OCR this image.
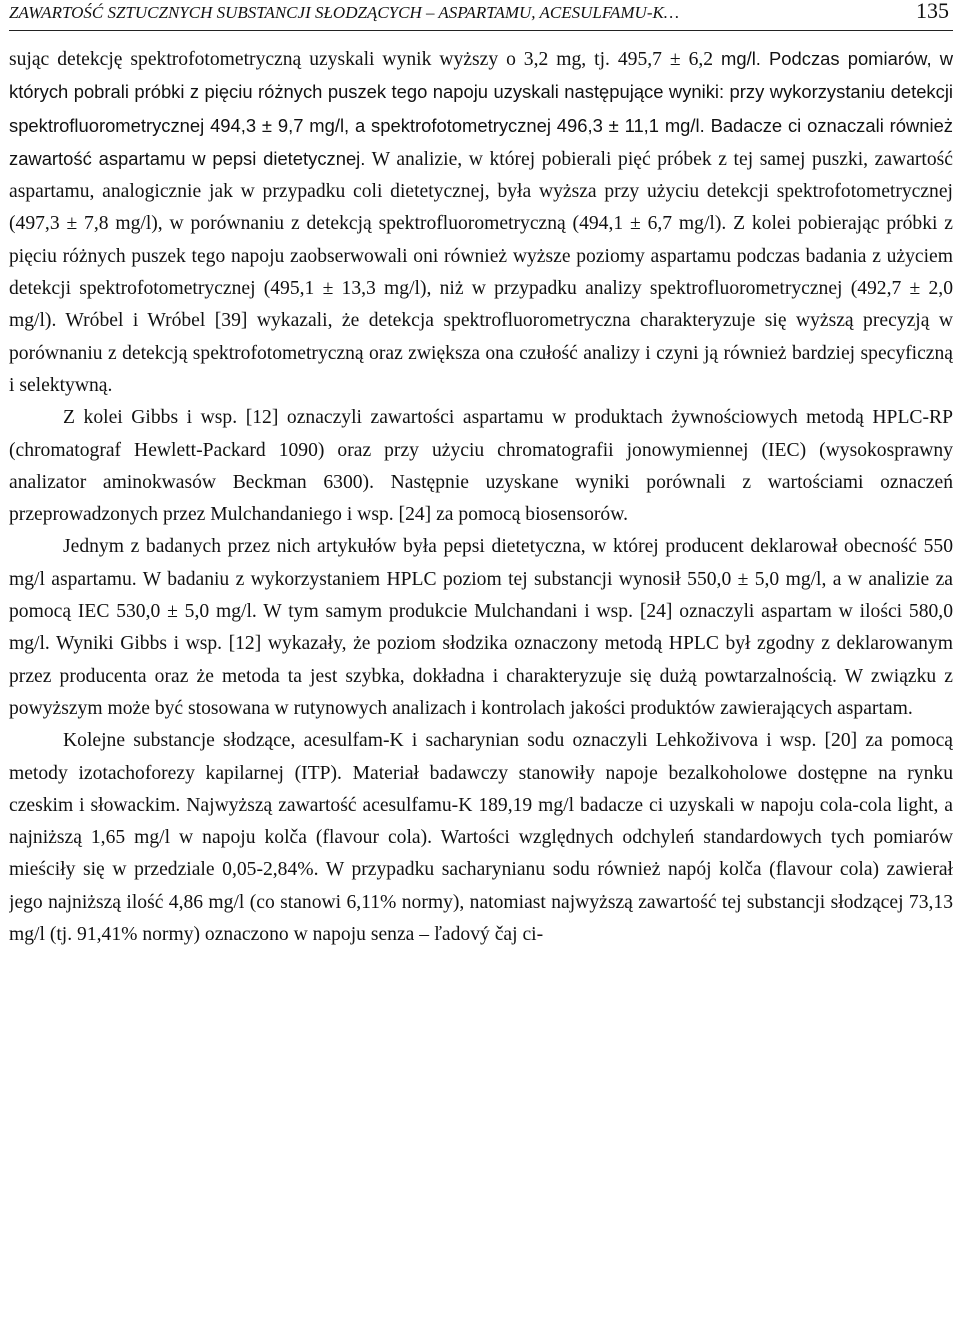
ZAWARTOŚĆ SZTUCZNYCH SUBSTANCJI SŁODZĄCYCH – ASPARTAMU, ACESULFAMU-K…	135

sując detekcję spektrofotometryczną uzyskali wynik wyższy o 3,2 mg, tj. 495,7 ± 6,2 mg/l. Podczas pomiarów, w których pobrali próbki z pięciu różnych puszek tego napoju uzyskali następujące wyniki: przy wykorzystaniu detekcji spektrofluorometrycznej 494,3 ± 9,7 mg/l, a spektrofotometrycznej 496,3 ± 11,1 mg/l. Badacze ci oznaczali również zawartość aspartamu w pepsi dietetycznej. W analizie, w której pobierali pięć próbek z tej samej puszki, zawartość aspartamu, analogicznie jak w przypadku coli dietetycznej, była wyższa przy użyciu detekcji spektrofotometrycznej (497,3 ± 7,8 mg/l), w porównaniu z detekcją spektrofluorometryczną (494,1 ± 6,7 mg/l). Z kolei pobierając próbki z pięciu różnych puszek tego napoju zaobserwowali oni również wyższe poziomy aspartamu podczas badania z użyciem detekcji spektrofotometrycznej (495,1 ± 13,3 mg/l), niż w przypadku analizy spektrofluorometrycznej (492,7 ± 2,0 mg/l). Wróbel i Wróbel [39] wykazali, że detekcja spektrofluorometryczna charakteryzuje się wyższą precyzją w porównaniu z detekcją spektrofotometryczną oraz zwiększa ona czułość analizy i czyni ją również bardziej specyficzną i selektywną.

Z kolei Gibbs i wsp. [12] oznaczyli zawartości aspartamu w produktach żywnościowych metodą HPLC-RP (chromatograf Hewlett-Packard 1090) oraz przy użyciu chromatografii jonowymiennej (IEC) (wysokosprawny analizator aminokwasów Beckman 6300). Następnie uzyskane wyniki porównali z wartościami oznaczeń przeprowadzonych przez Mulchandaniego i wsp. [24] za pomocą biosensorów.

Jednym z badanych przez nich artykułów była pepsi dietetyczna, w której producent deklarował obecność 550 mg/l aspartamu. W badaniu z wykorzystaniem HPLC poziom tej substancji wynosił 550,0 ± 5,0 mg/l, a w analizie za pomocą IEC 530,0 ± 5,0 mg/l. W tym samym produkcie Mulchandani i wsp. [24] oznaczyli aspartam w ilości 580,0 mg/l. Wyniki Gibbs i wsp. [12] wykazały, że poziom słodzika oznaczony metodą HPLC był zgodny z deklarowanym przez producenta oraz że metoda ta jest szybka, dokładna i charakteryzuje się dużą powtarzalnością. W związku z powyższym może być stosowana w rutynowych analizach i kontrolach jakości produktów zawierających aspartam.

Kolejne substancje słodzące, acesulfam-K i sacharynian sodu oznaczyli Lehkoživova i wsp. [20] za pomocą metody izotachoforezy kapilarnej (ITP). Materiał badawczy stanowiły napoje bezalkoholowe dostępne na rynku czeskim i słowackim. Najwyższą zawartość acesulfamu-K 189,19 mg/l badacze ci uzyskali w napoju cola-cola light, a najniższą 1,65 mg/l w napoju kolča (flavour cola). Wartości względnych odchyleń standardowych tych pomiarów mieściły się w przedziale 0,05-2,84%. W przypadku sacharynianu sodu również napój kolča (flavour cola) zawierał jego najniższą ilość 4,86 mg/l (co stanowi 6,11% normy), natomiast najwyższą zawartość tej substancji słodzącej 73,13 mg/l (tj. 91,41% normy) oznaczono w napoju senza – ľadový čaj ci-
